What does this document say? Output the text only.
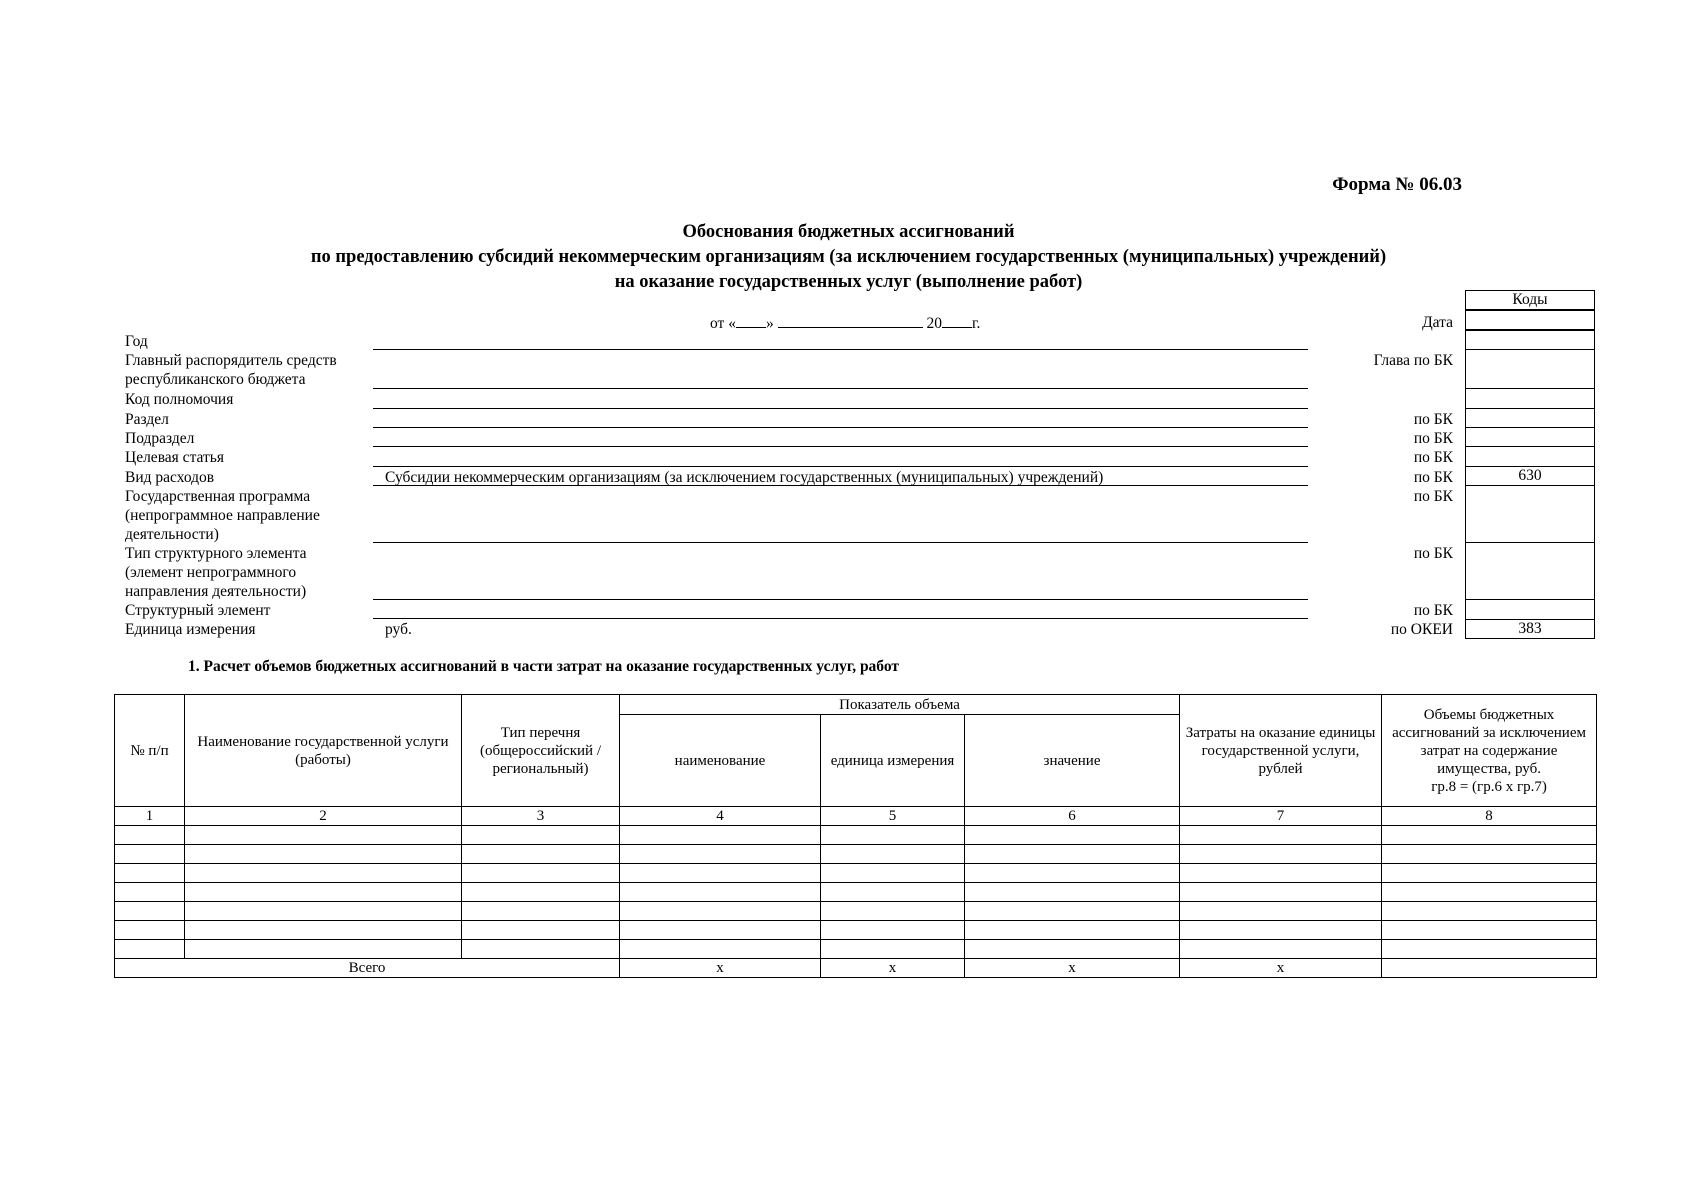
Форма № 06.03
Обоснования бюджетных ассигнований
по предоставлению субсидий некоммерческим организациям (за исключением государственных (муниципальных) учреждений)
на оказание государственных услуг (выполнение работ)
Коды
от « »	20 г.	Дата
Год
Главный распорядитель средств
республиканского бюджета
Глава по БК
Код полномочия
Раздел	по БК
Подраздел	по БК
Целевая статья	по БК
Вид расходов	Субсидии некоммерческим организациям (за исключением государственных (муниципальных) учреждений)	по БК	630
Государственная программа
(непрограммное направление
деятельности)
по БК
Тип структурного элемента
(элемент непрограммного
направления деятельности)
по БК
Структурный элемент	по БК
Единица измерения	руб.	по ОКЕИ	383
1. Расчет объемов бюджетных ассигнований в части затрат на оказание государственных услуг, работ
№ п/п	Наименование государственной услуги (работы)	Тип перечня (общероссийский / региональный)	Показатель объема			Затраты на оказание единицы государственной услуги, рублей	Объемы бюджетных ассигнований за исключением затрат на содержание имущества, руб.
гр.8 = (гр.6 х гр.7)

			наименование	единица измерения	значение		
1	2	3	4	5	6	7	8

Всего			х	х	х	х	
